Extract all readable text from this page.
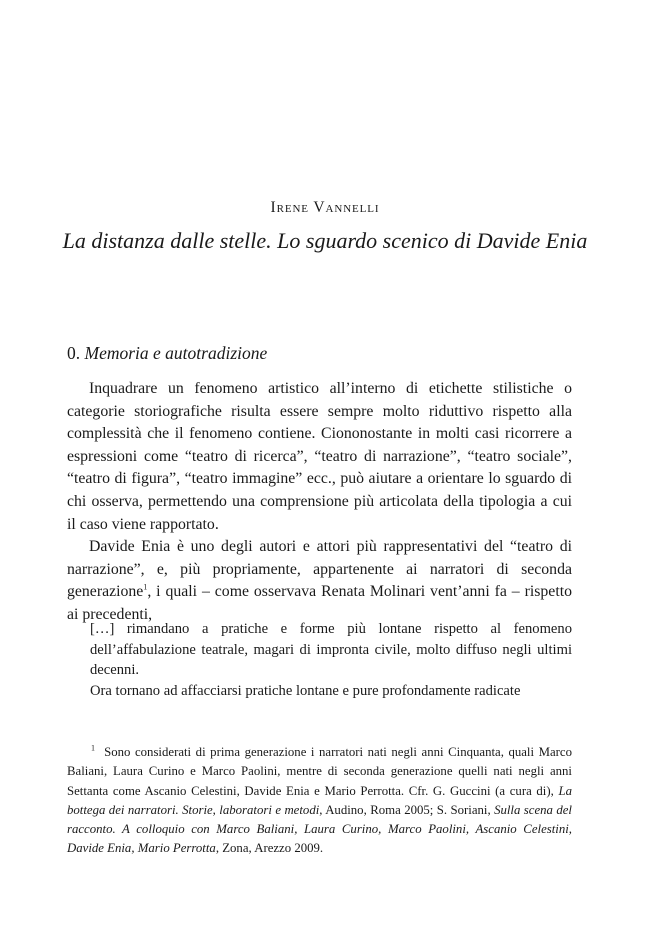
Irene Vannelli
La distanza dalle stelle. Lo sguardo scenico di Davide Enia
0. Memoria e autotradizione

Inquadrare un fenomeno artistico all’interno di etichette stilistiche o categorie storiografiche risulta essere sempre molto riduttivo rispetto alla complessità che il fenomeno contiene. Ciononostante in molti casi ricorrere a espressioni come “teatro di ricerca”, “teatro di narrazione”, “teatro sociale”, “teatro di figura”, “teatro immagine” ecc., può aiutare a orientare lo sguardo di chi osserva, permettendo una comprensione più articolata della tipologia a cui il caso viene rapportato.

Davide Enia è uno degli autori e attori più rappresentativi del “teatro di narrazione”, e, più propriamente, appartenente ai narratori di seconda generazione$^1$, i quali – come osservava Renata Molinari vent’anni fa – rispetto ai precedenti,

[…] rimandano a pratiche e forme più lontane rispetto al fenomeno dell’affabulazione teatrale, magari di impronta civile, molto diffuso negli ultimi decenni.

Ora tornano ad affacciarsi pratiche lontane e pure profondamente radicate

$^1$ Sono considerati di prima generazione i narratori nati negli anni Cinquanta, quali Marco Baliani, Laura Curino e Marco Paolini, mentre di seconda generazione quelli nati negli anni Settanta come Ascanio Celestini, Davide Enia e Mario Perrotta. Cfr. G. Guccini (a cura di), La bottega dei narratori. Storie, laboratori e metodi, Audino, Roma 2005; S. Soriani, Sulla scena del racconto. A colloquio con Marco Baliani, Laura Curino, Marco Paolini, Ascanio Celestini, Davide Enia, Mario Perrotta, Zona, Arezzo 2009.
